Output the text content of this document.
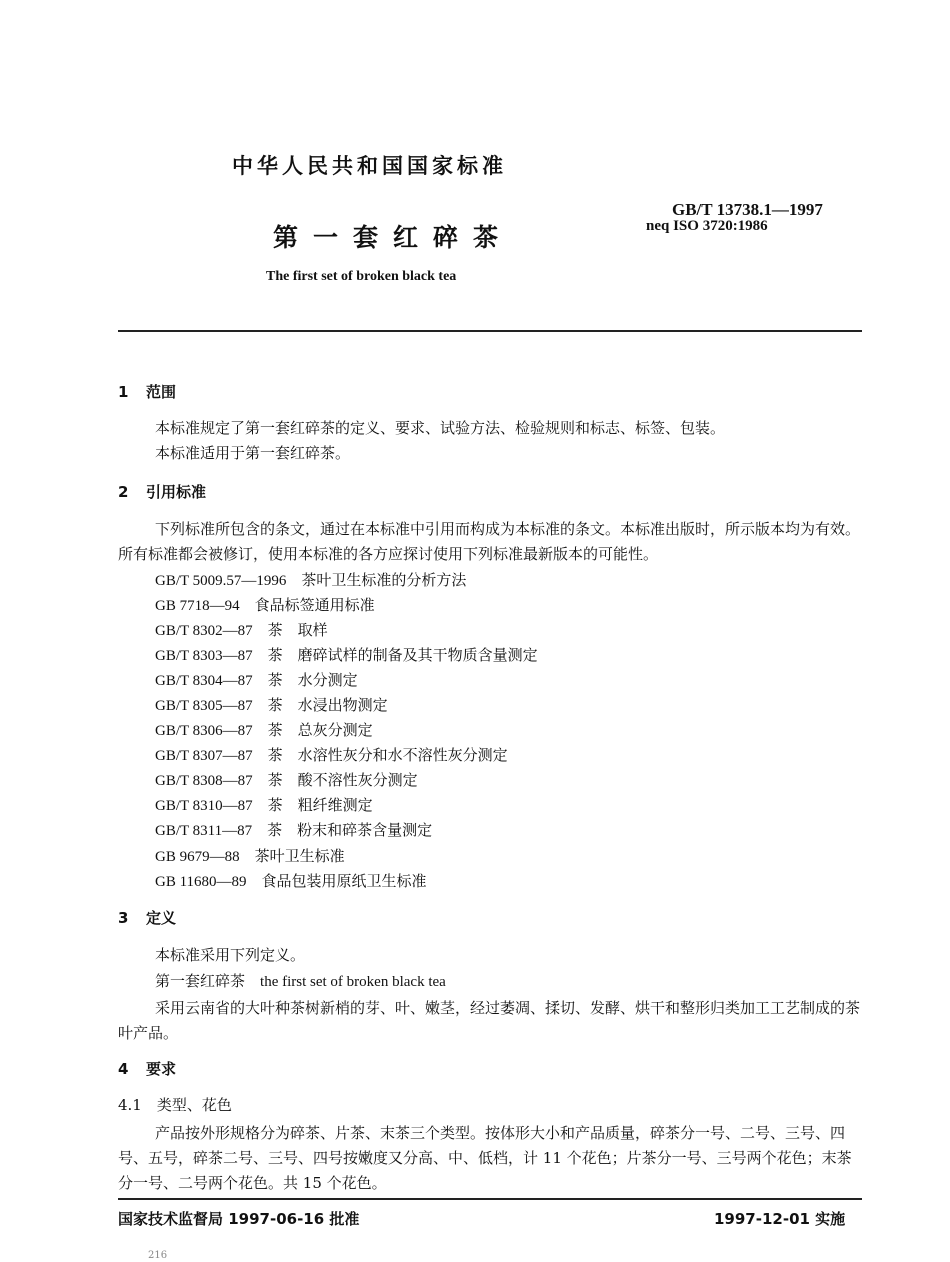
中华人民共和国国家标准
GB/T 13738.1—1997
neq ISO 3720:1986
第一套红碎茶
The first set of broken black tea
1 范围
本标准规定了第一套红碎茶的定义、要求、试验方法、检验规则和标志、标签、包装。
本标准适用于第一套红碎茶。
2 引用标准
下列标准所包含的条文，通过在本标准中引用而构成为本标准的条文。本标准出版时，所示版本均为有效。所有标准都会被修订，使用本标准的各方应探讨使用下列标准最新版本的可能性。
GB/T 5009.57—1996　 茶叶卫生标准的分析方法
GB 7718—94　 食品标签通用标准
GB/T 8302—87　 茶　取样
GB/T 8303—87　 茶　磨碎试样的制备及其干物质含量测定
GB/T 8304—87　 茶　水分测定
GB/T 8305—87　 茶　水浸出物测定
GB/T 8306—87　 茶　总灰分测定
GB/T 8307—87　 茶　水溶性灰分和水不溶性灰分测定
GB/T 8308—87　 茶　酸不溶性灰分测定
GB/T 8310—87　 茶　粗纤维测定
GB/T 8311—87　 茶　粉末和碎茶含量测定
GB 9679—88　 茶叶卫生标准
GB 11680—89　 食品包装用原纸卫生标准
3 定义
本标准采用下列定义。
第一套红碎茶　 the first set of broken black tea
采用云南省的大叶种茶树新梢的芽、叶、嫩茎，经过萎凋、揉切、发酵、烘干和整形归类加工工艺制成的茶叶产品。
4 要求
4.1　 类型、花色
产品按外形规格分为碎茶、片茶、末茶三个类型。按体形大小和产品质量，碎茶分一号、二号、三号、四号、五号，碎茶二号、三号、四号按嫩度又分高、中、低档，计 11 个花色；片茶分一号、三号两个花色；末茶分一号、二号两个花色。共 15 个花色。
国家技术监督局 1997-06-16 批准	1997-12-01 实施
216
